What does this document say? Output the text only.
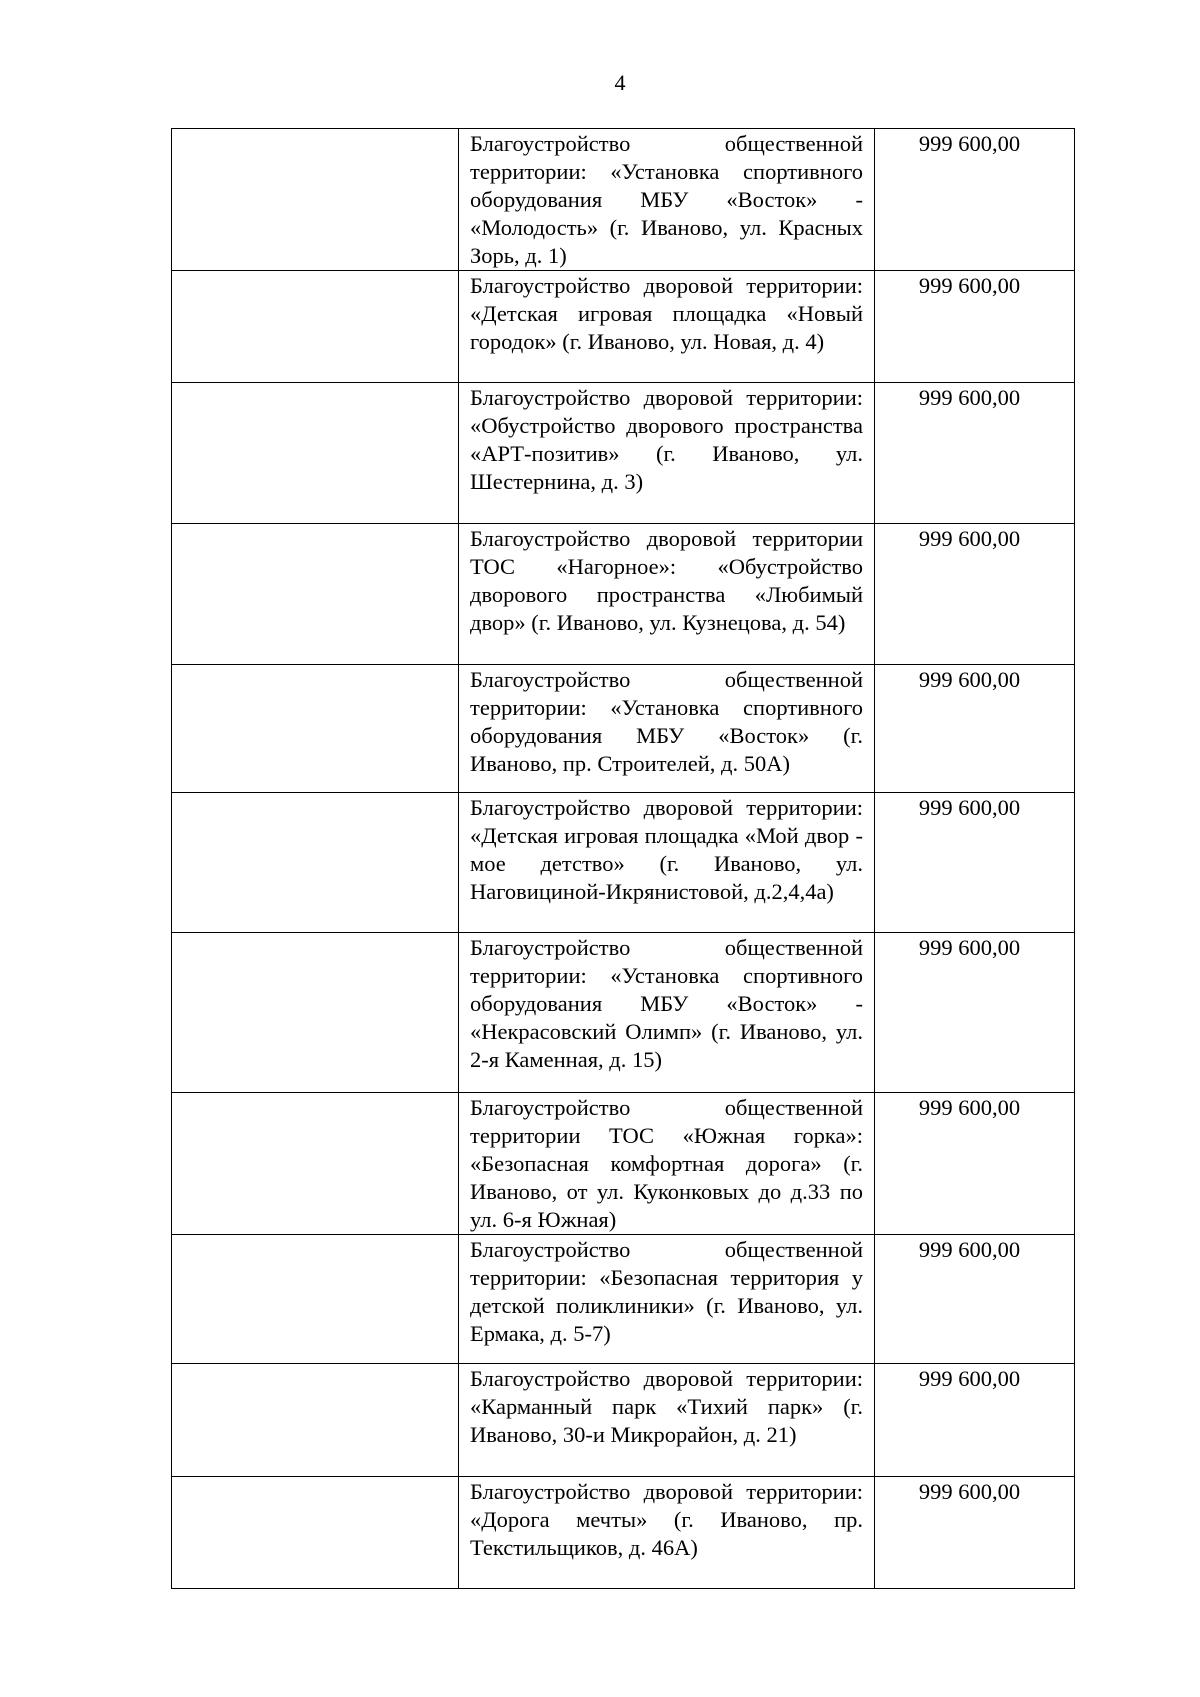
4

	Благоустройство общественной территории: «Установка спортивного оборудования МБУ «Восток» - «Молодость» (г. Иваново, ул. Красных Зорь, д. 1)	999 600,00

	Благоустройство дворовой территории: «Детская игровая площадка «Новый городок» (г. Иваново, ул. Новая, д. 4)	999 600,00

	Благоустройство дворовой территории: «Обустройство дворового пространства «АРТ-позитив» (г. Иваново, ул. Шестернина, д. 3)	999 600,00

	Благоустройство дворовой территории ТОС «Нагорное»: «Обустройство дворового пространства «Любимый двор» (г. Иваново, ул. Кузнецова, д. 54)	999 600,00

	Благоустройство общественной территории: «Установка спортивного оборудования МБУ «Восток» (г. Иваново, пр. Строителей, д. 50А)	999 600,00

	Благоустройство дворовой территории: «Детская игровая площадка «Мой двор - мое детство» (г. Иваново, ул. Наговициной-Икрянистовой, д.2,4,4а)	999 600,00

	Благоустройство общественной территории: «Установка спортивного оборудования МБУ «Восток» - «Некрасовский Олимп» (г. Иваново, ул. 2-я Каменная, д. 15)	999 600,00

	Благоустройство общественной территории ТОС «Южная горка»: «Безопасная комфортная дорога» (г. Иваново, от ул. Куконковых до д.33 по ул. 6-я Южная)	999 600,00

	Благоустройство общественной территории: «Безопасная территория у детской поликлиники» (г. Иваново, ул. Ермака, д. 5-7)	999 600,00

	Благоустройство дворовой территории: «Карманный парк «Тихий парк» (г. Иваново, 30-и Микрорайон, д. 21)	999 600,00

	Благоустройство дворовой территории: «Дорога мечты» (г. Иваново, пр. Текстильщиков, д. 46А)	999 600,00
